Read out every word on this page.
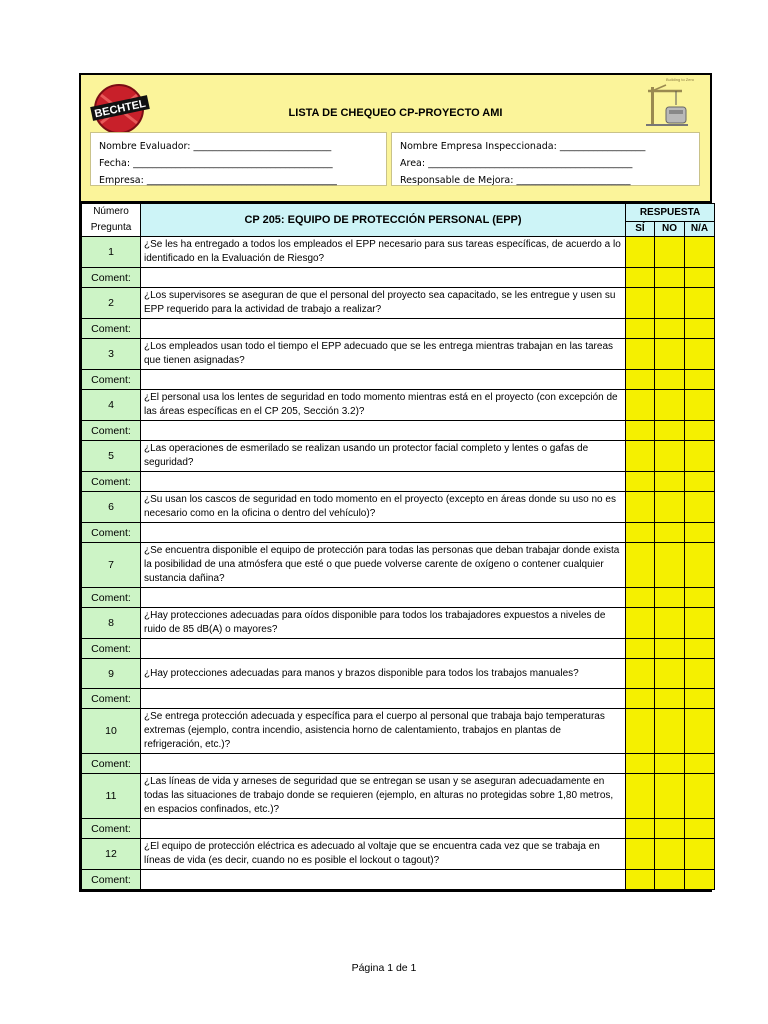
BECHTEL	LISTA DE CHEQUEO CP-PROYECTO AMI
Building to Zero
Nombre Evaluador: _____________________________
Fecha: __________________________________________
Empresa: ________________________________________
Nombre Empresa Inspeccionada: __________________
Area: ___________________________________________
Responsable de Mejora: ________________________
Número Pregunta	CP 205: EQUIPO DE PROTECCIÓN PERSONAL (EPP)	RESPUESTA		
		SÍ	NO	N/A
1	¿Se les ha entregado a todos los empleados el EPP necesario para sus tareas específicas, de acuerdo a lo identificado en la Evaluación de Riesgo?			
Coment:				
2	¿Los supervisores se aseguran de que el personal del proyecto sea capacitado, se les entregue y usen su EPP requerido para la actividad de trabajo a realizar?			
Coment:				
3	¿Los empleados usan todo el tiempo el EPP adecuado que se les entrega mientras trabajan en las tareas que tienen asignadas?			
Coment:				
4	¿El personal usa los lentes de seguridad en todo momento mientras está en el proyecto (con excepción de las áreas específicas en el CP 205, Sección 3.2)?			
Coment:				
5	¿Las operaciones de esmerilado se realizan usando un protector facial completo y lentes o gafas de seguridad?			
Coment:				
6	¿Su usan los cascos de seguridad en todo momento en el proyecto (excepto en áreas donde su uso no es necesario como en la oficina o dentro del vehículo)?			
Coment:				
7	¿Se encuentra disponible el equipo de protección para todas las personas que deban trabajar donde exista la posibilidad de una atmósfera que esté o que puede volverse carente de oxígeno o contener cualquier sustancia dañina?			
Coment:				
8	¿Hay protecciones adecuadas para oídos disponible para todos los trabajadores expuestos a niveles de ruido de 85 dB(A) o mayores?			
Coment:				
9	¿Hay protecciones adecuadas para manos y brazos disponible para todos los trabajos manuales?			
Coment:				
10	¿Se entrega protección adecuada y específica para el cuerpo al personal que trabaja bajo temperaturas extremas (ejemplo, contra incendio, asistencia horno de calentamiento, trabajos en plantas de refrigeración, etc.)?			
Coment:				
11	¿Las líneas de vida y arneses de seguridad que se entregan se usan y se aseguran adecuadamente en todas las situaciones de trabajo donde se requieren (ejemplo, en alturas no protegidas sobre 1,80 metros, en espacios confinados, etc.)?			
Coment:				
12	¿El equipo de protección eléctrica es adecuado al voltaje que se encuentra cada vez que se trabaja en líneas de vida (es decir, cuando no es posible el lockout o tagout)?			
Coment:				
Página 1 de 1
